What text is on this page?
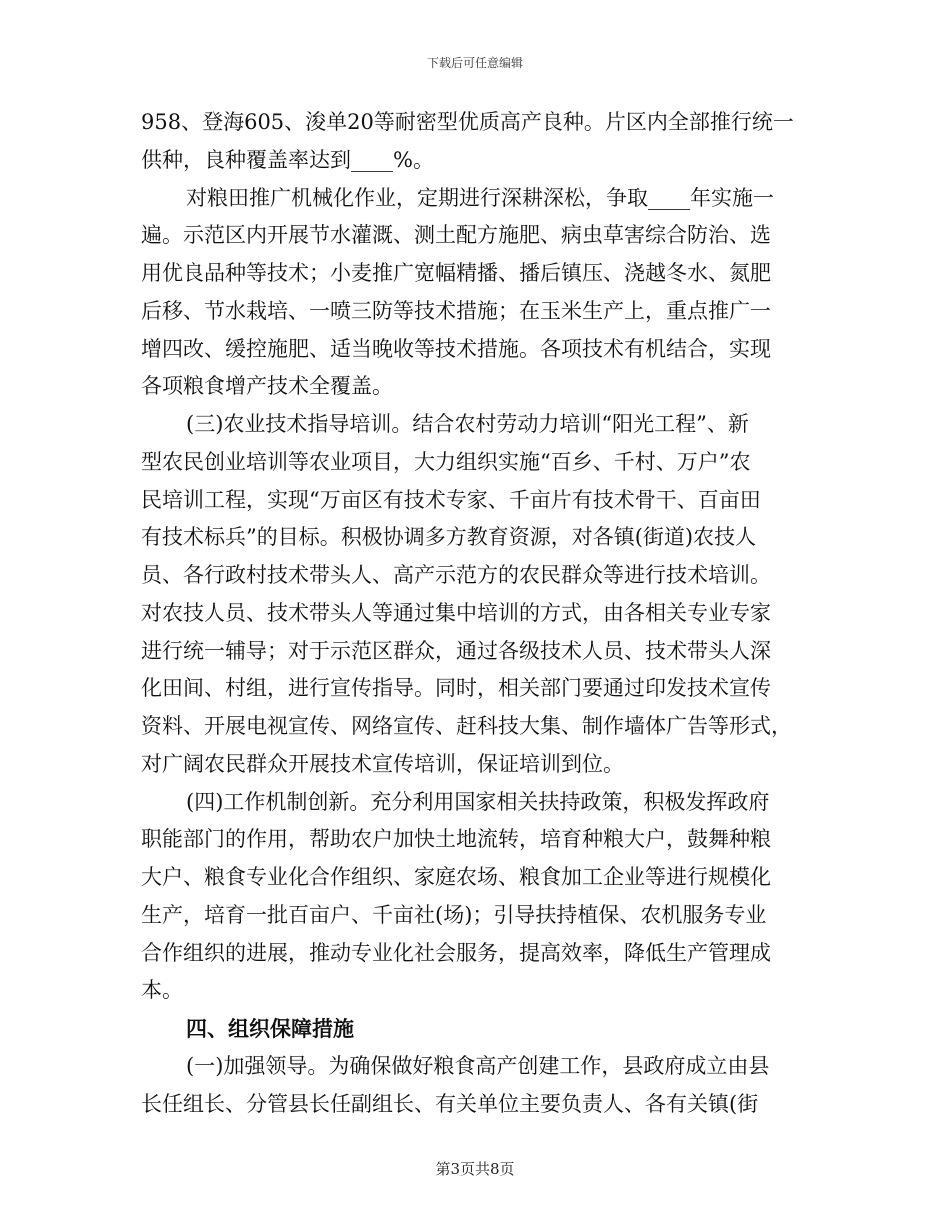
下载后可任意编辑
958、登海605、浚单20等耐密型优质高产良种。片区内全部推行统一
供种，良种覆盖率达到____%。
对粮田推广机械化作业，定期进行深耕深松，争取____年实施一
遍。示范区内开展节水灌溉、测土配方施肥、病虫草害综合防治、选
用优良品种等技术；小麦推广宽幅精播、播后镇压、浇越冬水、氮肥
后移、节水栽培、一喷三防等技术措施；在玉米生产上，重点推广一
增四改、缓控施肥、适当晚收等技术措施。各项技术有机结合，实现
各项粮食增产技术全覆盖。
(三)农业技术指导培训。结合农村劳动力培训“阳光工程”、新
型农民创业培训等农业项目，大力组织实施“百乡、千村、万户”农
民培训工程，实现“万亩区有技术专家、千亩片有技术骨干、百亩田
有技术标兵”的目标。积极协调多方教育资源，对各镇(街道)农技人
员、各行政村技术带头人、高产示范方的农民群众等进行技术培训。
对农技人员、技术带头人等通过集中培训的方式，由各相关专业专家
进行统一辅导；对于示范区群众，通过各级技术人员、技术带头人深
化田间、村组，进行宣传指导。同时，相关部门要通过印发技术宣传
资料、开展电视宣传、网络宣传、赶科技大集、制作墙体广告等形式，
对广阔农民群众开展技术宣传培训，保证培训到位。
(四)工作机制创新。充分利用国家相关扶持政策，积极发挥政府
职能部门的作用，帮助农户加快土地流转，培育种粮大户，鼓舞种粮
大户、粮食专业化合作组织、家庭农场、粮食加工企业等进行规模化
生产，培育一批百亩户、千亩社(场)；引导扶持植保、农机服务专业
合作组织的进展，推动专业化社会服务，提高效率，降低生产管理成
本。
四、组织保障措施
(一)加强领导。为确保做好粮食高产创建工作，县政府成立由县
长任组长、分管县长任副组长、有关单位主要负责人、各有关镇(街
第3页共8页
